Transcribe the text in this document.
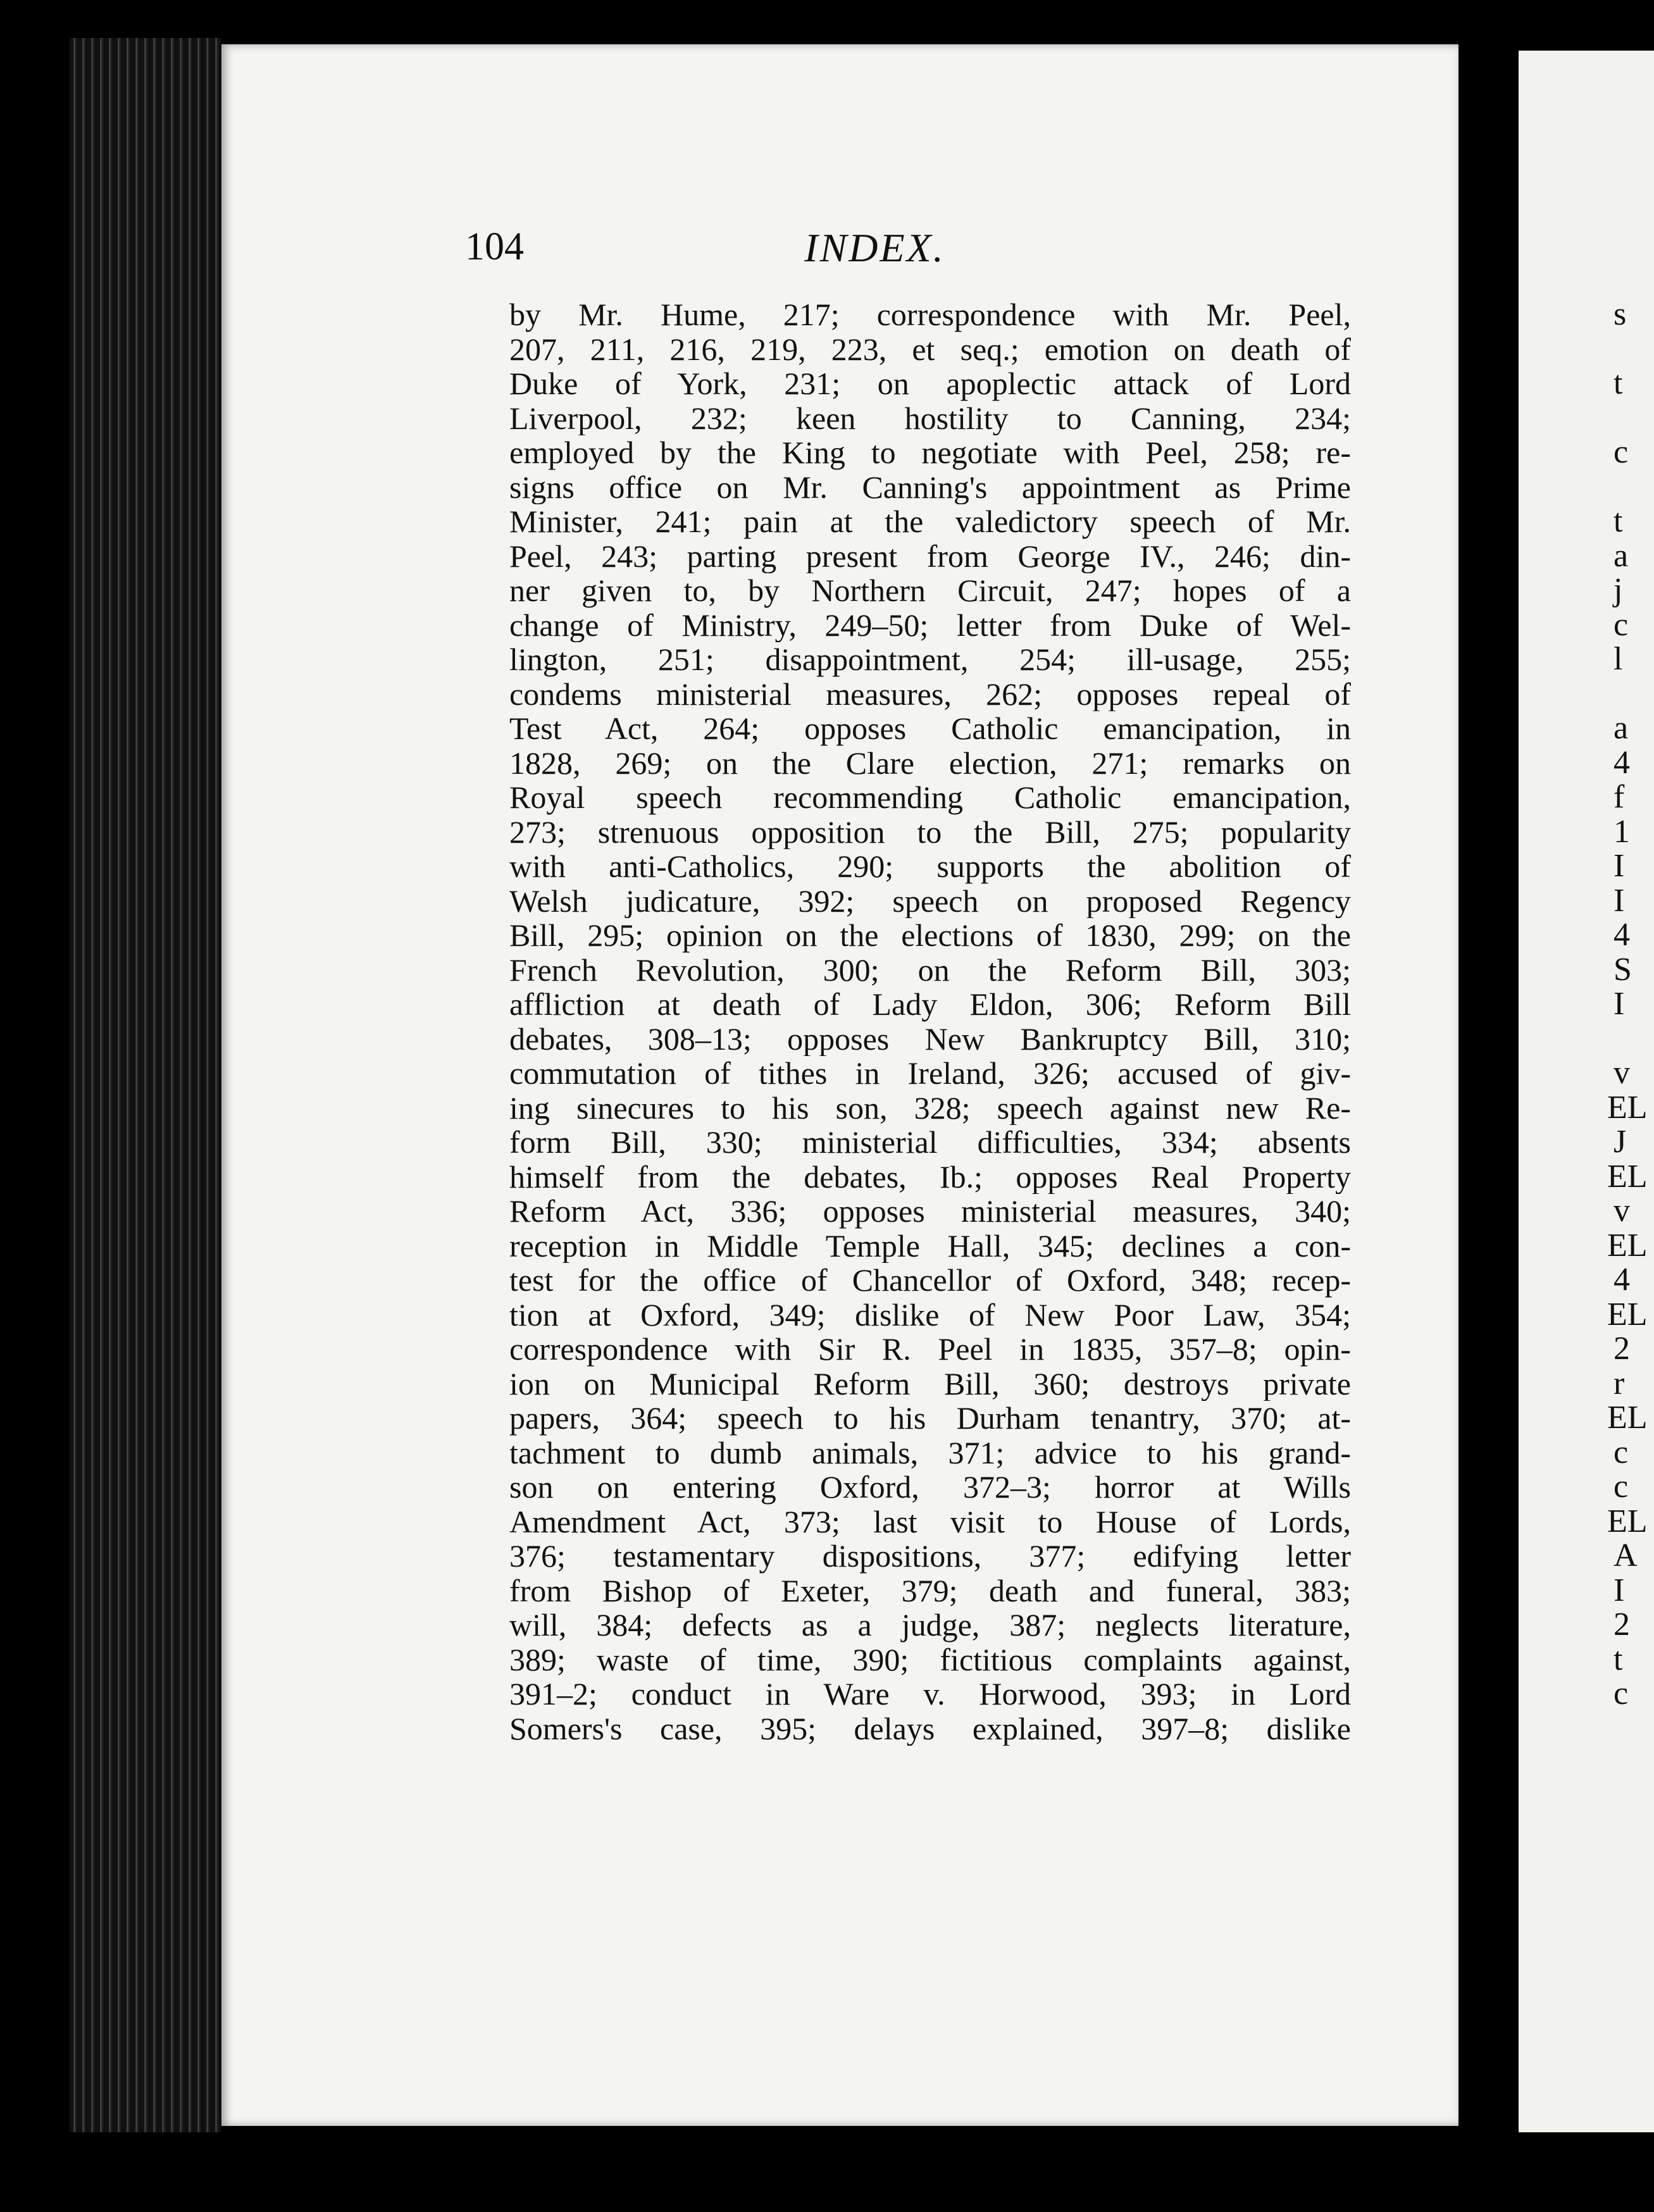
104	INDEX.
by Mr. Hume, 217; correspondence with Mr. Peel,
207, 211, 216, 219, 223, et seq.; emotion on death of
Duke of York, 231; on apoplectic attack of Lord
Liverpool, 232; keen hostility to Canning, 234;
employed by the King to negotiate with Peel, 258; re-
signs office on Mr. Canning's appointment as Prime
Minister, 241; pain at the valedictory speech of Mr.
Peel, 243; parting present from George IV., 246; din-
ner given to, by Northern Circuit, 247; hopes of a
change of Ministry, 249–50; letter from Duke of Wel-
lington, 251; disappointment, 254; ill-usage, 255;
condems ministerial measures, 262; opposes repeal of
Test Act, 264; opposes Catholic emancipation, in
1828, 269; on the Clare election, 271; remarks on
Royal speech recommending Catholic emancipation,
273; strenuous opposition to the Bill, 275; popularity
with anti-Catholics, 290; supports the abolition of
Welsh judicature, 392; speech on proposed Regency
Bill, 295; opinion on the elections of 1830, 299; on the
French Revolution, 300; on the Reform Bill, 303;
affliction at death of Lady Eldon, 306; Reform Bill
debates, 308–13; opposes New Bankruptcy Bill, 310;
commutation of tithes in Ireland, 326; accused of giv-
ing sinecures to his son, 328; speech against new Re-
form Bill, 330; ministerial difficulties, 334; absents
himself from the debates, Ib.; opposes Real Property
Reform Act, 336; opposes ministerial measures, 340;
reception in Middle Temple Hall, 345; declines a con-
test for the office of Chancellor of Oxford, 348; recep-
tion at Oxford, 349; dislike of New Poor Law, 354;
correspondence with Sir R. Peel in 1835, 357–8; opin-
ion on Municipal Reform Bill, 360; destroys private
papers, 364; speech to his Durham tenantry, 370; at-
tachment to dumb animals, 371; advice to his grand-
son on entering Oxford, 372–3; horror at Wills
Amendment Act, 373; last visit to House of Lords,
376; testamentary dispositions, 377; edifying letter
from Bishop of Exeter, 379; death and funeral, 383;
will, 384; defects as a judge, 387; neglects literature,
389; waste of time, 390; fictitious complaints against,
391–2; conduct in Ware v. Horwood, 393; in Lord
Somers's case, 395; delays explained, 397–8; dislike
s
t
c
t
a
j
c
l
a
4
f
1
I
I
4
S
I
v
EL
J
EL
v
EL
4
EL
2
r
EL
c
c
EL
A
I
2
t
c
